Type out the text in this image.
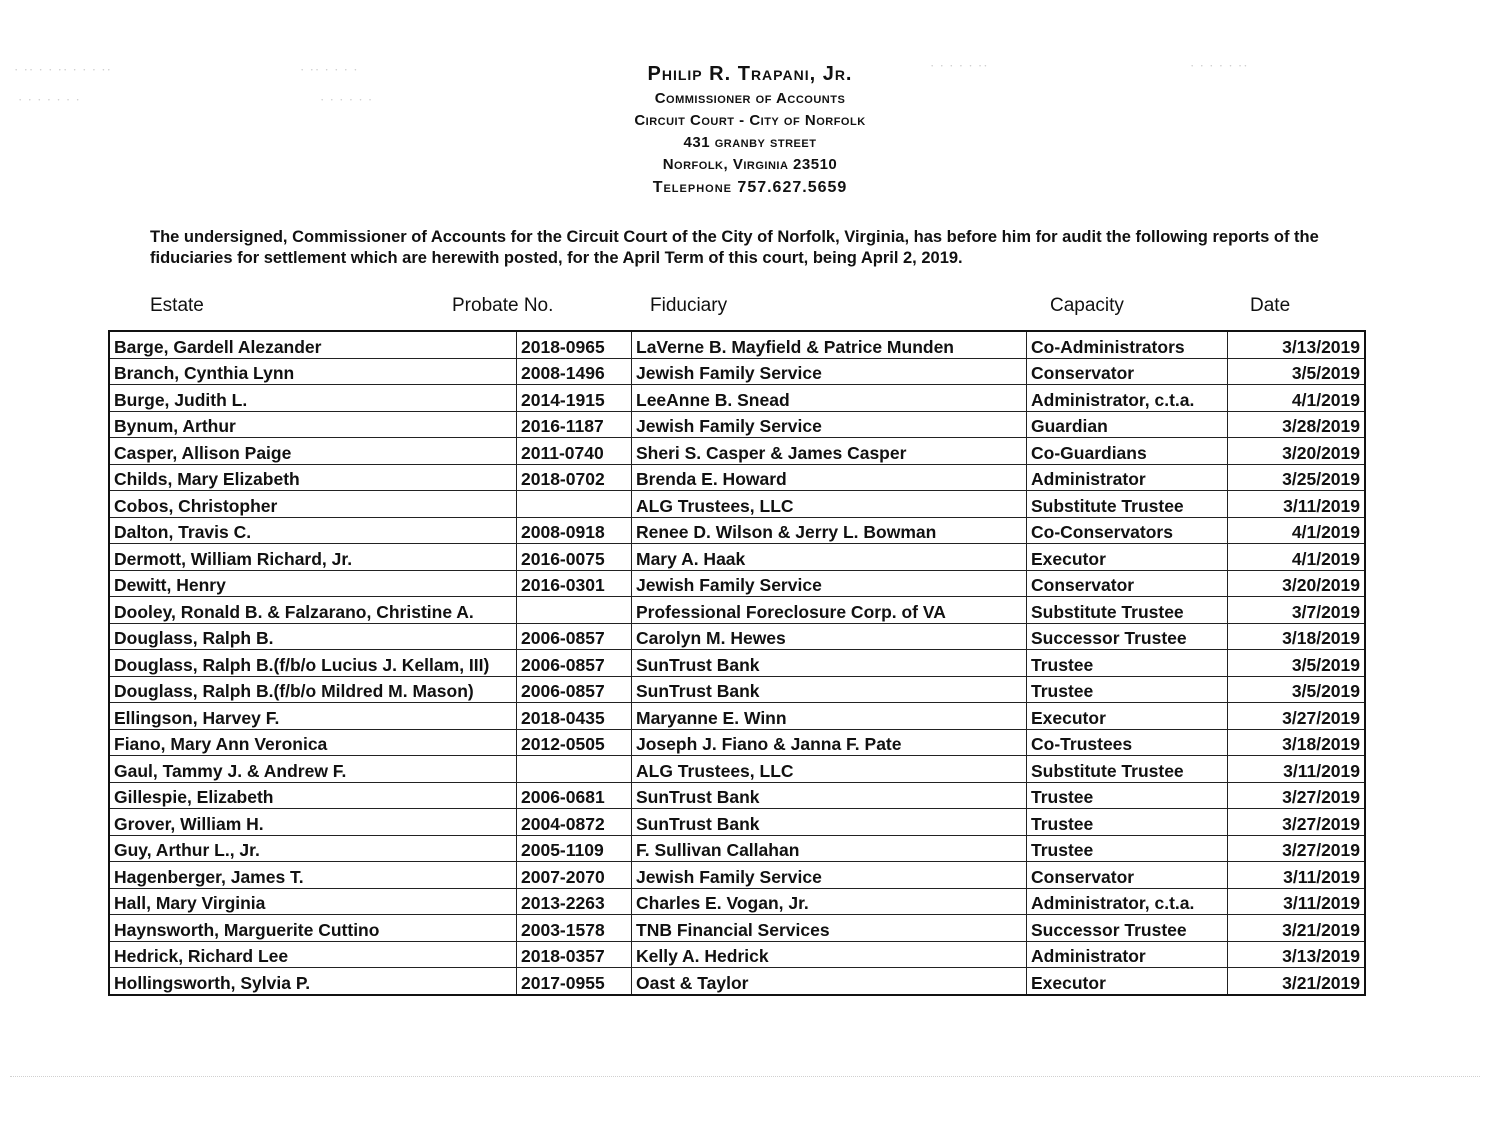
· ·· · · ·· · · · ··
· · · · · · ·
· ·· · · · ·
· · · · · ·
· · · · · ··	· · · · · ··
Philip R. Trapani, Jr.
Commissioner of Accounts
Circuit Court - City of Norfolk
431 granby street
Norfolk, Virginia 23510
Telephone 757.627.5659
The undersigned, Commissioner of Accounts for the Circuit Court of the City of Norfolk, Virginia, has before him for audit the following reports of the fiduciaries for settlement which are herewith posted, for the April Term of this court, being April 2, 2019.
Estate	Probate No.	Fiduciary	Capacity	Date
Barge, Gardell Alezander	2018-0965	LaVerne B. Mayfield & Patrice Munden	Co-Administrators	3/13/2019
Branch, Cynthia Lynn	2008-1496	Jewish Family Service	Conservator	3/5/2019
Burge, Judith L.	2014-1915	LeeAnne B. Snead	Administrator, c.t.a.	4/1/2019
Bynum, Arthur	2016-1187	Jewish Family Service	Guardian	3/28/2019
Casper, Allison Paige	2011-0740	Sheri S. Casper & James Casper	Co-Guardians	3/20/2019
Childs, Mary Elizabeth	2018-0702	Brenda E. Howard	Administrator	3/25/2019
Cobos, Christopher		ALG Trustees, LLC	Substitute Trustee	3/11/2019
Dalton, Travis C.	2008-0918	Renee D. Wilson & Jerry L. Bowman	Co-Conservators	4/1/2019
Dermott, William Richard, Jr.	2016-0075	Mary A. Haak	Executor	4/1/2019
Dewitt, Henry	2016-0301	Jewish Family Service	Conservator	3/20/2019
Dooley, Ronald B. & Falzarano, Christine A.		Professional Foreclosure Corp. of VA	Substitute Trustee	3/7/2019
Douglass, Ralph B.	2006-0857	Carolyn M. Hewes	Successor Trustee	3/18/2019
Douglass, Ralph B.(f/b/o Lucius J. Kellam, III)	2006-0857	SunTrust Bank	Trustee	3/5/2019
Douglass, Ralph B.(f/b/o Mildred M. Mason)	2006-0857	SunTrust Bank	Trustee	3/5/2019
Ellingson, Harvey F.	2018-0435	Maryanne E. Winn	Executor	3/27/2019
Fiano, Mary Ann Veronica	2012-0505	Joseph J. Fiano & Janna F. Pate	Co-Trustees	3/18/2019
Gaul, Tammy J. & Andrew F.		ALG Trustees, LLC	Substitute Trustee	3/11/2019
Gillespie, Elizabeth	2006-0681	SunTrust Bank	Trustee	3/27/2019
Grover, William H.	2004-0872	SunTrust Bank	Trustee	3/27/2019
Guy, Arthur L., Jr.	2005-1109	F. Sullivan Callahan	Trustee	3/27/2019
Hagenberger, James T.	2007-2070	Jewish Family Service	Conservator	3/11/2019
Hall, Mary Virginia	2013-2263	Charles E. Vogan, Jr.	Administrator, c.t.a.	3/11/2019
Haynsworth, Marguerite Cuttino	2003-1578	TNB Financial Services	Successor Trustee	3/21/2019
Hedrick, Richard Lee	2018-0357	Kelly A. Hedrick	Administrator	3/13/2019
Hollingsworth, Sylvia P.	2017-0955	Oast & Taylor	Executor	3/21/2019
